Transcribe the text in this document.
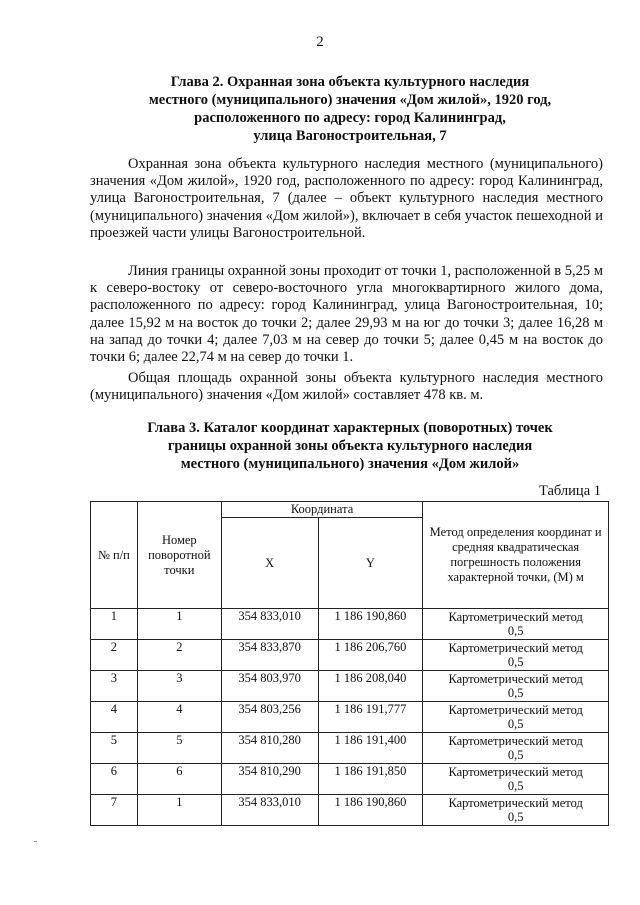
2
Глава 2. Охранная зона объекта культурного наследия
местного (муниципального) значения «Дом жилой», 1920 год,
расположенного по адресу: город Калининград,
улица Вагоностроительная, 7

Охранная зона объекта культурного наследия местного (муниципального) значения «Дом жилой», 1920 год, расположенного по адресу: город Калининград, улица Вагоностроительная, 7 (далее – объект культурного наследия местного (муниципального) значения «Дом жилой»), включает в себя участок пешеходной и проезжей части улицы Вагоностроительной.

Линия границы охранной зоны проходит от точки 1, расположенной в 5,25 м к северо-востоку от северо-восточного угла многоквартирного жилого дома, расположенного по адресу: город Калининград, улица Вагоностроительная, 10; далее 15,92 м на восток до точки 2; далее 29,93 м на юг до точки 3; далее 16,28 м на запад до точки 4; далее 7,03 м на север до точки 5; далее 0,45 м на восток до точки 6; далее 22,74 м на север до точки 1.

Общая площадь охранной зоны объекта культурного наследия местного (муниципального) значения «Дом жилой» составляет 478 кв. м.

Глава 3. Каталог координат характерных (поворотных) точек
границы охранной зоны объекта культурного наследия
местного (муниципального) значения «Дом жилой»
Таблица 1
№ п/п	Номер поворотной точки	Координата		Метод определения координат и средняя квадратическая погрешность положения характерной точки, (М) м
		X	Y	
1	1	354 833,010	1 186 190,860	Картометрический метод
0,5

2	2	354 833,870	1 186 206,760	Картометрический метод
0,5

3	3	354 803,970	1 186 208,040	Картометрический метод
0,5

4	4	354 803,256	1 186 191,777	Картометрический метод
0,5

5	5	354 810,280	1 186 191,400	Картометрический метод
0,5

6	6	354 810,290	1 186 191,850	Картометрический метод
0,5

7	1	354 833,010	1 186 190,860	Картометрический метод
0,5
